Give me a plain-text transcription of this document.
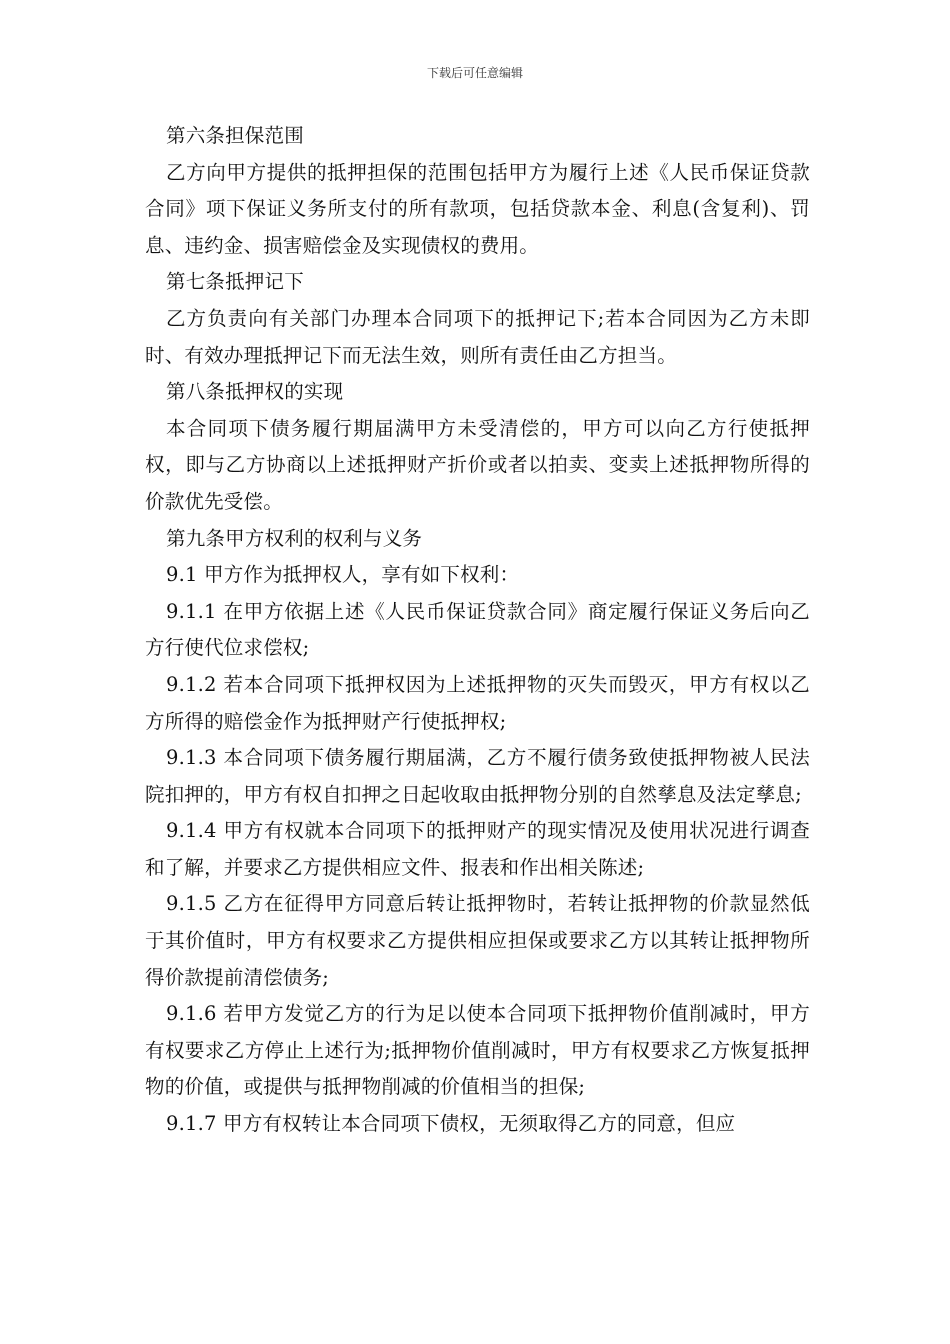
下载后可任意编辑

第六条担保范围

乙方向甲方提供的抵押担保的范围包括甲方为履行上述《人民币保证贷款合同》项下保证义务所支付的所有款项，包括贷款本金、利息(含复利)、罚息、违约金、损害赔偿金及实现债权的费用。

第七条抵押记下

乙方负责向有关部门办理本合同项下的抵押记下;若本合同因为乙方未即时、有效办理抵押记下而无法生效，则所有责任由乙方担当。

第八条抵押权的实现

本合同项下债务履行期届满甲方未受清偿的，甲方可以向乙方行使抵押权，即与乙方协商以上述抵押财产折价或者以拍卖、变卖上述抵押物所得的价款优先受偿。

第九条甲方权利的权利与义务

9.1 甲方作为抵押权人，享有如下权利：

9.1.1 在甲方依据上述《人民币保证贷款合同》商定履行保证义务后向乙方行使代位求偿权;

9.1.2 若本合同项下抵押权因为上述抵押物的灭失而毁灭，甲方有权以乙方所得的赔偿金作为抵押财产行使抵押权;

9.1.3 本合同项下债务履行期届满，乙方不履行债务致使抵押物被人民法院扣押的，甲方有权自扣押之日起收取由抵押物分别的自然孳息及法定孳息;

9.1.4 甲方有权就本合同项下的抵押财产的现实情况及使用状况进行调查和了解，并要求乙方提供相应文件、报表和作出相关陈述;

9.1.5 乙方在征得甲方同意后转让抵押物时，若转让抵押物的价款显然低于其价值时，甲方有权要求乙方提供相应担保或要求乙方以其转让抵押物所得价款提前清偿债务;

9.1.6 若甲方发觉乙方的行为足以使本合同项下抵押物价值削减时，甲方有权要求乙方停止上述行为;抵押物价值削减时，甲方有权要求乙方恢复抵押物的价值，或提供与抵押物削减的价值相当的担保;

9.1.7 甲方有权转让本合同项下债权，无须取得乙方的同意，但应
